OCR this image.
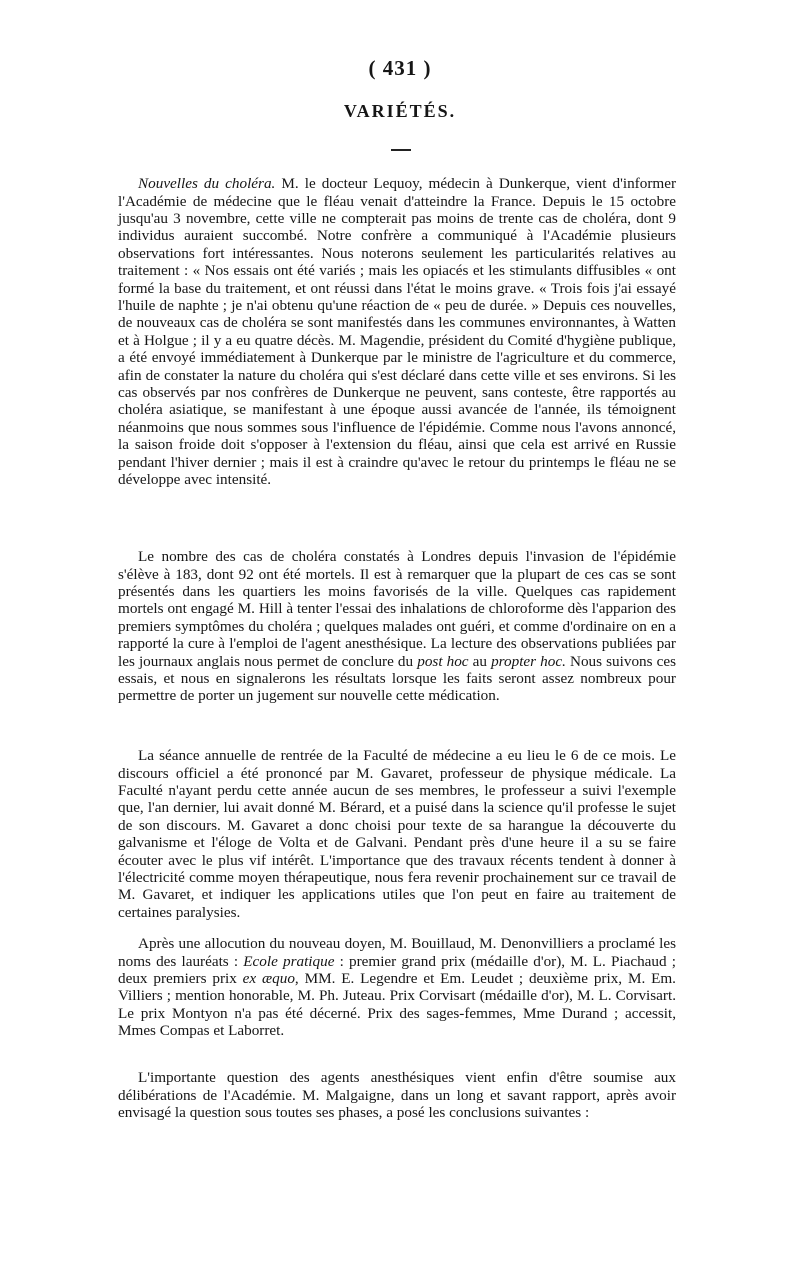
( 431 )
VARIÉTÉS.

Nouvelles du choléra. M. le docteur Lequoy, médecin à Dunkerque, vient d'informer l'Académie de médecine que le fléau venait d'atteindre la France. Depuis le 15 octobre jusqu'au 3 novembre, cette ville ne compterait pas moins de trente cas de choléra, dont 9 individus auraient succombé. Notre confrère a communiqué à l'Académie plusieurs observations fort intéressantes. Nous noterons seulement les particularités relatives au traitement : « Nos essais ont été variés ; mais les opiacés et les stimulants diffusibles « ont formé la base du traitement, et ont réussi dans l'état le moins grave. « Trois fois j'ai essayé l'huile de naphte ; je n'ai obtenu qu'une réaction de « peu de durée. » Depuis ces nouvelles, de nouveaux cas de choléra se sont manifestés dans les communes environnantes, à Watten et à Holgue ; il y a eu quatre décès. M. Magendie, président du Comité d'hygiène publique, a été envoyé immédiatement à Dunkerque par le ministre de l'agriculture et du commerce, afin de constater la nature du choléra qui s'est déclaré dans cette ville et ses environs. Si les cas observés par nos confrères de Dunkerque ne peuvent, sans conteste, être rapportés au choléra asiatique, se manifestant à une époque aussi avancée de l'année, ils témoignent néanmoins que nous sommes sous l'influence de l'épidémie. Comme nous l'avons annoncé, la saison froide doit s'opposer à l'extension du fléau, ainsi que cela est arrivé en Russie pendant l'hiver dernier ; mais il est à craindre qu'avec le retour du printemps le fléau ne se développe avec intensité.

Le nombre des cas de choléra constatés à Londres depuis l'invasion de l'épidémie s'élève à 183, dont 92 ont été mortels. Il est à remarquer que la plupart de ces cas se sont présentés dans les quartiers les moins favorisés de la ville. Quelques cas rapidement mortels ont engagé M. Hill à tenter l'essai des inhalations de chloroforme dès l'apparion des premiers symptômes du choléra ; quelques malades ont guéri, et comme d'ordinaire on en a rapporté la cure à l'emploi de l'agent anesthésique. La lecture des observations publiées par les journaux anglais nous permet de conclure du post hoc au propter hoc. Nous suivons ces essais, et nous en signalerons les résultats lorsque les faits seront assez nombreux pour permettre de porter un jugement sur nouvelle cette médication.

La séance annuelle de rentrée de la Faculté de médecine a eu lieu le 6 de ce mois. Le discours officiel a été prononcé par M. Gavaret, professeur de physique médicale. La Faculté n'ayant perdu cette année aucun de ses membres, le professeur a suivi l'exemple que, l'an dernier, lui avait donné M. Bérard, et a puisé dans la science qu'il professe le sujet de son discours. M. Gavaret a donc choisi pour texte de sa harangue la découverte du galvanisme et l'éloge de Volta et de Galvani. Pendant près d'une heure il a su se faire écouter avec le plus vif intérêt. L'importance que des travaux récents tendent à donner à l'électricité comme moyen thérapeutique, nous fera revenir prochainement sur ce travail de M. Gavaret, et indiquer les applications utiles que l'on peut en faire au traitement de certaines paralysies.

Après une allocution du nouveau doyen, M. Bouillaud, M. Denonvilliers a proclamé les noms des lauréats : Ecole pratique : premier grand prix (médaille d'or), M. L. Piachaud ; deux premiers prix ex æquo, MM. E. Legendre et Em. Leudet ; deuxième prix, M. Em. Villiers ; mention honorable, M. Ph. Juteau. Prix Corvisart (médaille d'or), M. L. Corvisart. Le prix Montyon n'a pas été décerné. Prix des sages-femmes, Mme Durand ; accessit, Mmes Compas et Laborret.

L'importante question des agents anesthésiques vient enfin d'être soumise aux délibérations de l'Académie. M. Malgaigne, dans un long et savant rapport, après avoir envisagé la question sous toutes ses phases, a posé les conclusions suivantes :
